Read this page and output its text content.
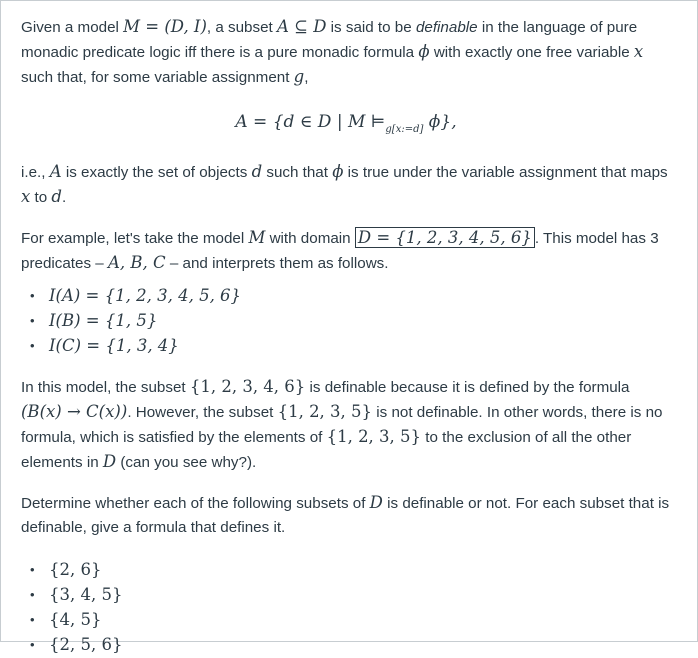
Given a model M = (D, I), a subset A ⊆ D is said to be definable in the language of pure monadic predicate logic iff there is a pure monadic formula ϕ with exactly one free variable x such that, for some variable assignment g,

A = {d ∈ D | M $⊨_{g[x:=d]}$ ϕ},

i.e., A is exactly the set of objects d such that ϕ is true under the variable assignment that maps x to d.

For example, let's take the model M with domain D = {1, 2, 3, 4, 5, 6} . This model has 3 predicates – A, B, C – and interprets them as follows.

• I(A) = {1, 2, 3, 4, 5, 6}
• I(B) = {1, 5}
• I(C) = {1, 3, 4}

In this model, the subset {1, 2, 3, 4, 6} is definable because it is defined by the formula (B(x) → C(x)). However, the subset {1, 2, 3, 5} is not definable. In other words, there is no formula, which is satisfied by the elements of {1, 2, 3, 5} to the exclusion of all the other elements in D (can you see why?).

Determine whether each of the following subsets of D is definable or not. For each subset that is definable, give a formula that defines it.

• {2, 6}
• {3, 4, 5}
• {4, 5}
• {2, 5, 6}
